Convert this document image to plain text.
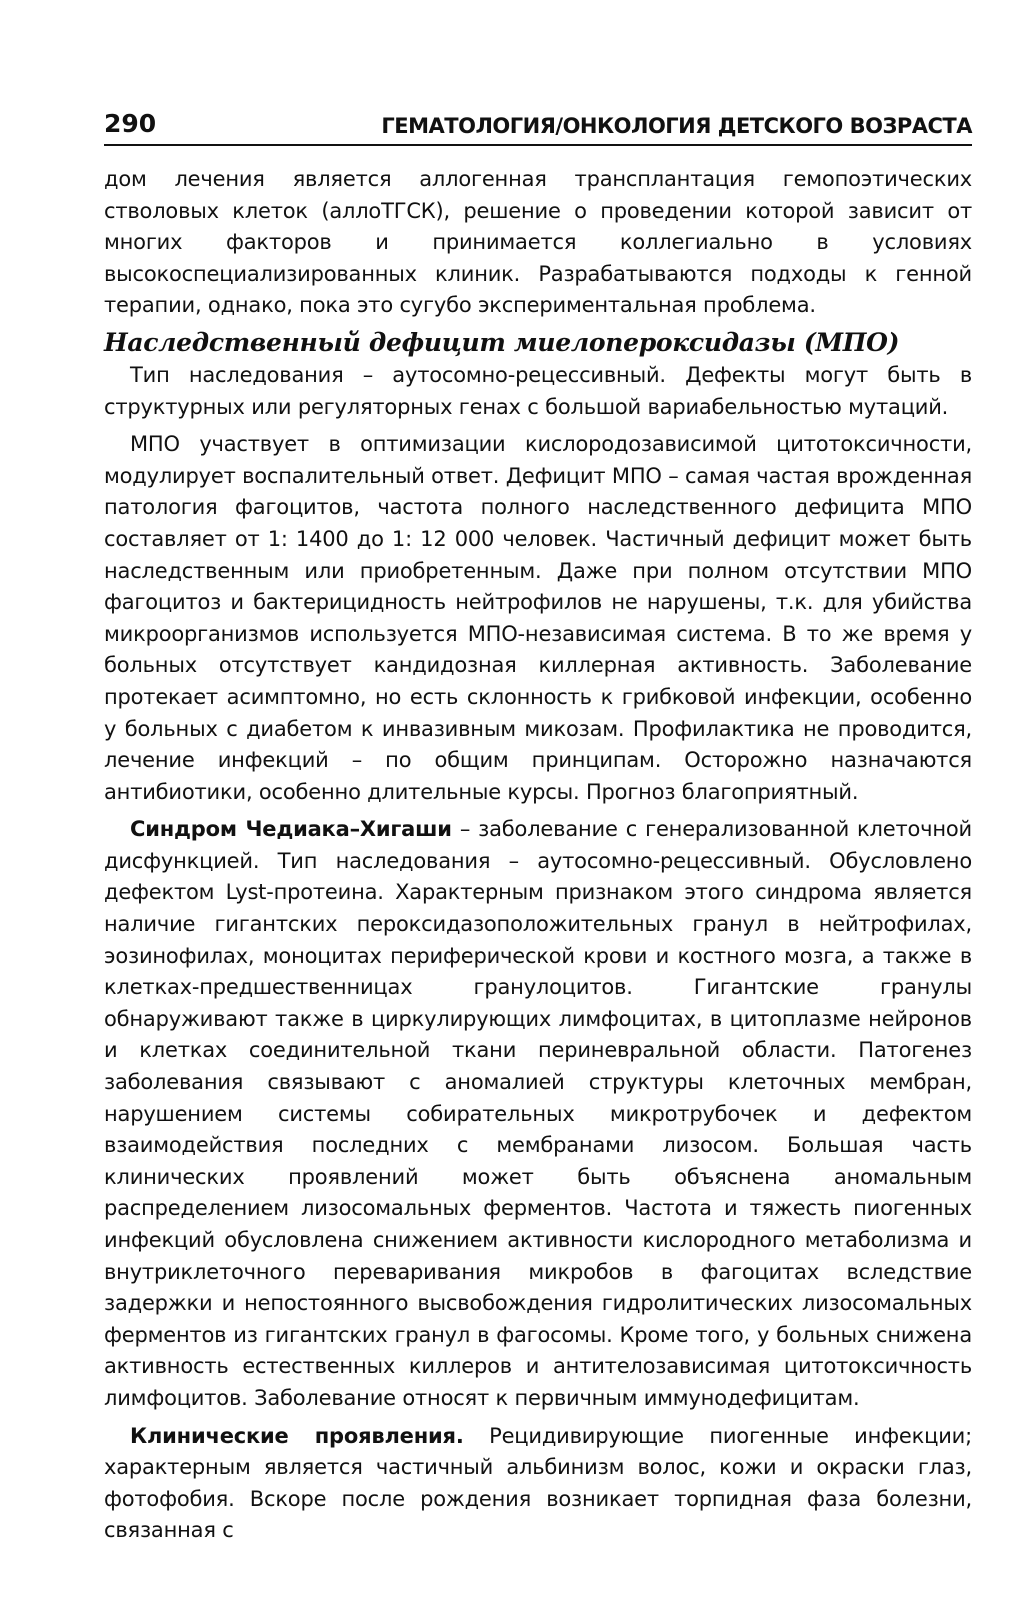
290	ГЕМАТОЛОГИЯ/ОНКОЛОГИЯ ДЕТСКОГО ВОЗРАСТА

дом лечения является аллогенная трансплантация гемопоэтических стволовых клеток (аллоТГСК), решение о проведении которой зависит от многих факторов и принимается коллегиально в условиях высокоспециализированных клиник. Разрабатываются подходы к генной терапии, однако, пока это сугубо экспериментальная проблема.

Наследственный дефицит миелопероксидазы (МПО)

Тип наследования – аутосомно-рецессивный. Дефекты могут быть в структурных или регуляторных генах с большой вариабельностью мутаций.

МПО участвует в оптимизации кислородозависимой цитотоксичности, модулирует воспалительный ответ. Дефицит МПО – самая частая врожденная патология фагоцитов, частота полного наследственного дефицита МПО составляет от 1: 1400 до 1: 12 000 человек. Частичный дефицит может быть наследственным или приобретенным. Даже при полном отсутствии МПО фагоцитоз и бактерицидность нейтрофилов не нарушены, т.к. для убийства микроорганизмов используется МПО-независимая система. В то же время у больных отсутствует кандидозная киллерная активность. Заболевание протекает асимптомно, но есть склонность к грибковой инфекции, особенно у больных с диабетом к инвазивным микозам. Профилактика не проводится, лечение инфекций – по общим принципам. Осторожно назначаются антибиотики, особенно длительные курсы. Прогноз благоприятный.

Синдром Чедиака–Хигаши – заболевание с генерализованной клеточной дисфункцией. Тип наследования – аутосомно-рецессивный. Обусловлено дефектом Lyst-протеина. Характерным признаком этого синдрома является наличие гигантских пероксидазоположительных гранул в нейтрофилах, эозинофилах, моноцитах периферической крови и костного мозга, а также в клетках-предшественницах гранулоцитов. Гигантские гранулы обнаруживают также в циркулирующих лимфоцитах, в цитоплазме нейронов и клетках соединительной ткани периневральной области. Патогенез заболевания связывают с аномалией структуры клеточных мембран, нарушением системы собирательных микротрубочек и дефектом взаимодействия последних с мембранами лизосом. Большая часть клинических проявлений может быть объяснена аномальным распределением лизосомальных ферментов. Частота и тяжесть пиогенных инфекций обусловлена снижением активности кислородного метаболизма и внутриклеточного переваривания микробов в фагоцитах вследствие задержки и непостоянного высвобождения гидролитических лизосомальных ферментов из гигантских гранул в фагосомы. Кроме того, у больных снижена активность естественных киллеров и антителозависимая цитотоксичность лимфоцитов. Заболевание относят к первичным иммунодефицитам.

Клинические проявления. Рецидивирующие пиогенные инфекции; характерным является частичный альбинизм волос, кожи и окраски глаз, фотофобия. Вскоре после рождения возникает торпидная фаза болезни, связанная с
